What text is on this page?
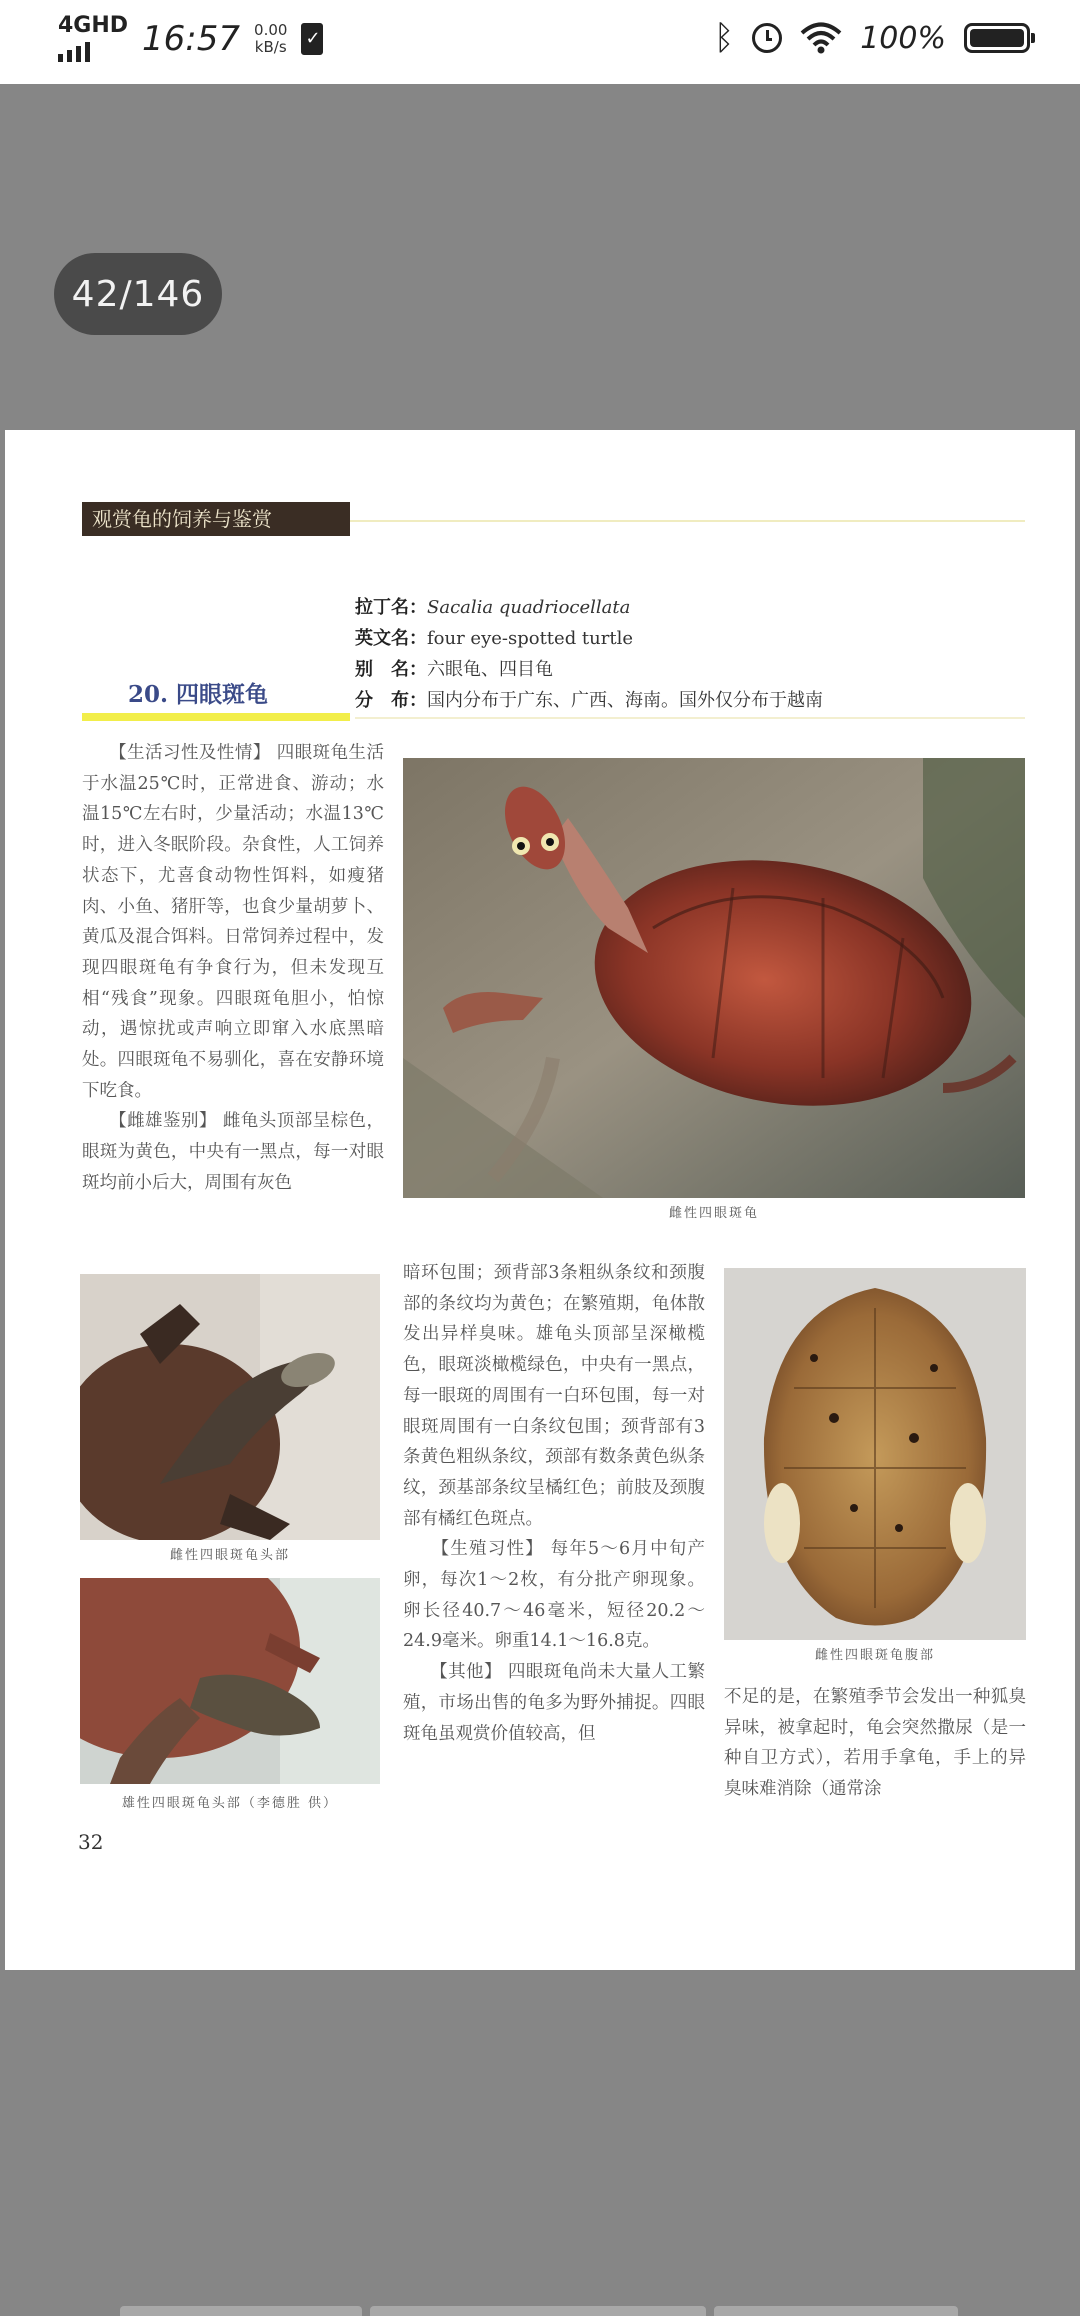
4GHD 16:57 0.00
kB/s
✓	ᛒ	100%
42/146
观赏龟的饲养与鉴赏
拉丁名：Sacalia quadriocellata
英文名：four eye-spotted turtle
别　名：六眼龟、四目龟
分　布：国内分布于广东、广西、海南。国外仅分布于越南
20. 四眼斑龟
　　【生活习性及性情】 四眼斑龟生活于水温25℃时，正常进食、游动；水温15℃左右时，少量活动；水温13℃时，进入冬眠阶段。杂食性，人工饲养状态下，尤喜食动物性饵料，如瘦猪肉、小鱼、猪肝等，也食少量胡萝卜、黄瓜及混合饵料。日常饲养过程中，发现四眼斑龟有争食行为，但未发现互相“残食”现象。四眼斑龟胆小，怕惊动，遇惊扰或声响立即窜入水底黑暗处。四眼斑龟不易驯化，喜在安静环境下吃食。
　　【雌雄鉴别】 雌龟头顶部呈棕色，眼斑为黄色，中央有一黑点，每一对眼斑均前小后大，周围有灰色
雌性四眼斑龟
雌性四眼斑龟头部
雄性四眼斑龟头部（李德胜 供）
暗环包围；颈背部3条粗纵条纹和颈腹部的条纹均为黄色；在繁殖期，龟体散发出异样臭味。雄龟头顶部呈深橄榄色，眼斑淡橄榄绿色，中央有一黑点，每一眼斑的周围有一白环包围，每一对眼斑周围有一白条纹包围；颈背部有3条黄色粗纵条纹，颈部有数条黄色纵条纹，颈基部条纹呈橘红色；前肢及颈腹部有橘红色斑点。
　　【生殖习性】 每年5～6月中旬产卵，每次1～2枚，有分批产卵现象。卵长径40.7～46毫米，短径20.2～24.9毫米。卵重14.1～16.8克。
　　【其他】 四眼斑龟尚未大量人工繁殖，市场出售的龟多为野外捕捉。四眼斑龟虽观赏价值较高，但
雌性四眼斑龟腹部
不足的是，在繁殖季节会发出一种狐臭异味，被拿起时，龟会突然撒尿（是一种自卫方式），若用手拿龟，手上的异臭味难消除（通常涂
32
